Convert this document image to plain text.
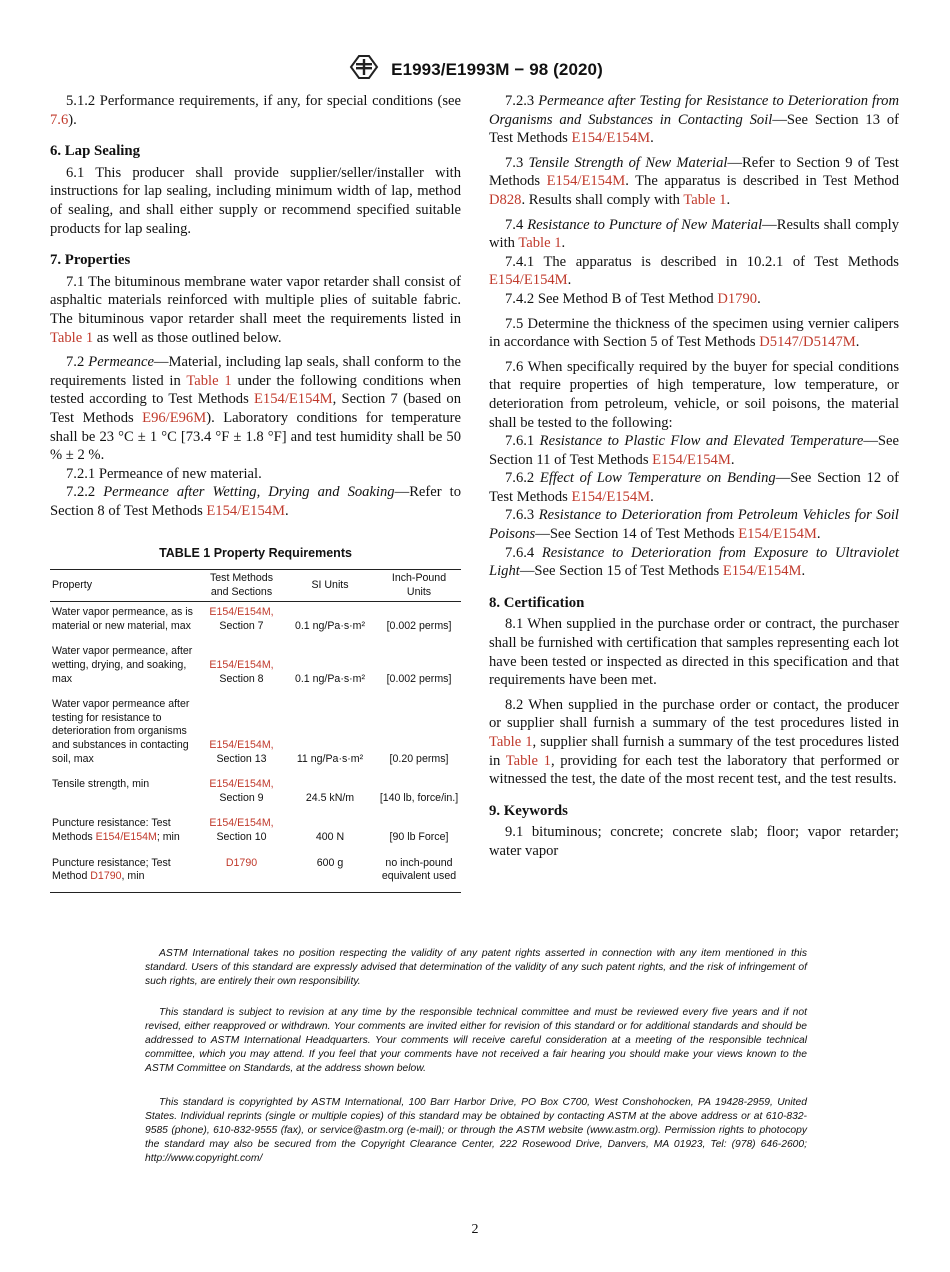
E1993/E1993M − 98 (2020)

5.1.2 Performance requirements, if any, for special conditions (see 7.6).

6. Lap Sealing

6.1 This producer shall provide supplier/seller/installer with instructions for lap sealing, including minimum width of lap, method of sealing, and shall either supply or recommend specified suitable products for lap sealing.

7. Properties

7.1 The bituminous membrane water vapor retarder shall consist of asphaltic materials reinforced with multiple plies of suitable fabric. The bituminous vapor retarder shall meet the requirements listed in Table 1 as well as those outlined below.

7.2 Permeance—Material, including lap seals, shall conform to the requirements listed in Table 1 under the following conditions when tested according to Test Methods E154/E154M, Section 7 (based on Test Methods E96/E96M). Laboratory conditions for temperature shall be 23 °C ± 1 °C [73.4 °F ± 1.8 °F] and test humidity shall be 50 % ± 2 %.

7.2.1 Permeance of new material.

7.2.2 Permeance after Wetting, Drying and Soaking—Refer to Section 8 of Test Methods E154/E154M.

TABLE 1 Property Requirements
Property	Test Methods and Sections	SI Units	Inch-Pound Units
Water vapor permeance, as is material or new material, max	E154/E154M,
Section 7	0.1 ng/Pa·s·m²	[0.002 perms]
Water vapor permeance, after wetting, drying, and soaking, max	E154/E154M,
Section 8	0.1 ng/Pa·s·m²	[0.002 perms]
Water vapor permeance after testing for resistance to deterioration from organisms and substances in contacting soil, max	E154/E154M,
Section 13	11 ng/Pa·s·m²	[0.20 perms]
Tensile strength, min	E154/E154M,
Section 9	24.5 kN/m	[140 lb, force/in.]
Puncture resistance: Test Methods E154/E154M; min	E154/E154M,
Section 10	400 N	[90 lb Force]
Puncture resistance; Test Method D1790, min	D1790	600 g	no inch-pound equivalent used

7.2.3 Permeance after Testing for Resistance to Deterioration from Organisms and Substances in Contacting Soil—See Section 13 of Test Methods E154/E154M.

7.3 Tensile Strength of New Material—Refer to Section 9 of Test Methods E154/E154M. The apparatus is described in Test Method D828. Results shall comply with Table 1.

7.4 Resistance to Puncture of New Material—Results shall comply with Table 1.

7.4.1 The apparatus is described in 10.2.1 of Test Methods E154/E154M.

7.4.2 See Method B of Test Method D1790.

7.5 Determine the thickness of the specimen using vernier calipers in accordance with Section 5 of Test Methods D5147/D5147M.

7.6 When specifically required by the buyer for special conditions that require properties of high temperature, low temperature, or deterioration from petroleum, vehicle, or soil poisons, the material shall be tested to the following:

7.6.1 Resistance to Plastic Flow and Elevated Temperature—See Section 11 of Test Methods E154/E154M.

7.6.2 Effect of Low Temperature on Bending—See Section 12 of Test Methods E154/E154M.

7.6.3 Resistance to Deterioration from Petroleum Vehicles for Soil Poisons—See Section 14 of Test Methods E154/E154M.

7.6.4 Resistance to Deterioration from Exposure to Ultraviolet Light—See Section 15 of Test Methods E154/E154M.

8. Certification

8.1 When supplied in the purchase order or contract, the purchaser shall be furnished with certification that samples representing each lot have been tested or inspected as directed in this specification and that requirements have been met.

8.2 When supplied in the purchase order or contact, the producer or supplier shall furnish a summary of the test procedures listed in Table 1, supplier shall furnish a summary of the test procedures listed in Table 1, providing for each test the laboratory that performed or witnessed the test, the date of the most recent test, and the test results.

9. Keywords

9.1 bituminous; concrete; concrete slab; floor; vapor retarder; water vapor

ASTM International takes no position respecting the validity of any patent rights asserted in connection with any item mentioned in this standard. Users of this standard are expressly advised that determination of the validity of any such patent rights, and the risk of infringement of such rights, are entirely their own responsibility.

This standard is subject to revision at any time by the responsible technical committee and must be reviewed every five years and if not revised, either reapproved or withdrawn. Your comments are invited either for revision of this standard or for additional standards and should be addressed to ASTM International Headquarters. Your comments will receive careful consideration at a meeting of the responsible technical committee, which you may attend. If you feel that your comments have not received a fair hearing you should make your views known to the ASTM Committee on Standards, at the address shown below.

This standard is copyrighted by ASTM International, 100 Barr Harbor Drive, PO Box C700, West Conshohocken, PA 19428-2959, United States. Individual reprints (single or multiple copies) of this standard may be obtained by contacting ASTM at the above address or at 610-832-9585 (phone), 610-832-9555 (fax), or service@astm.org (e-mail); or through the ASTM website (www.astm.org). Permission rights to photocopy the standard may also be secured from the Copyright Clearance Center, 222 Rosewood Drive, Danvers, MA 01923, Tel: (978) 646-2600; http://www.copyright.com/

2
